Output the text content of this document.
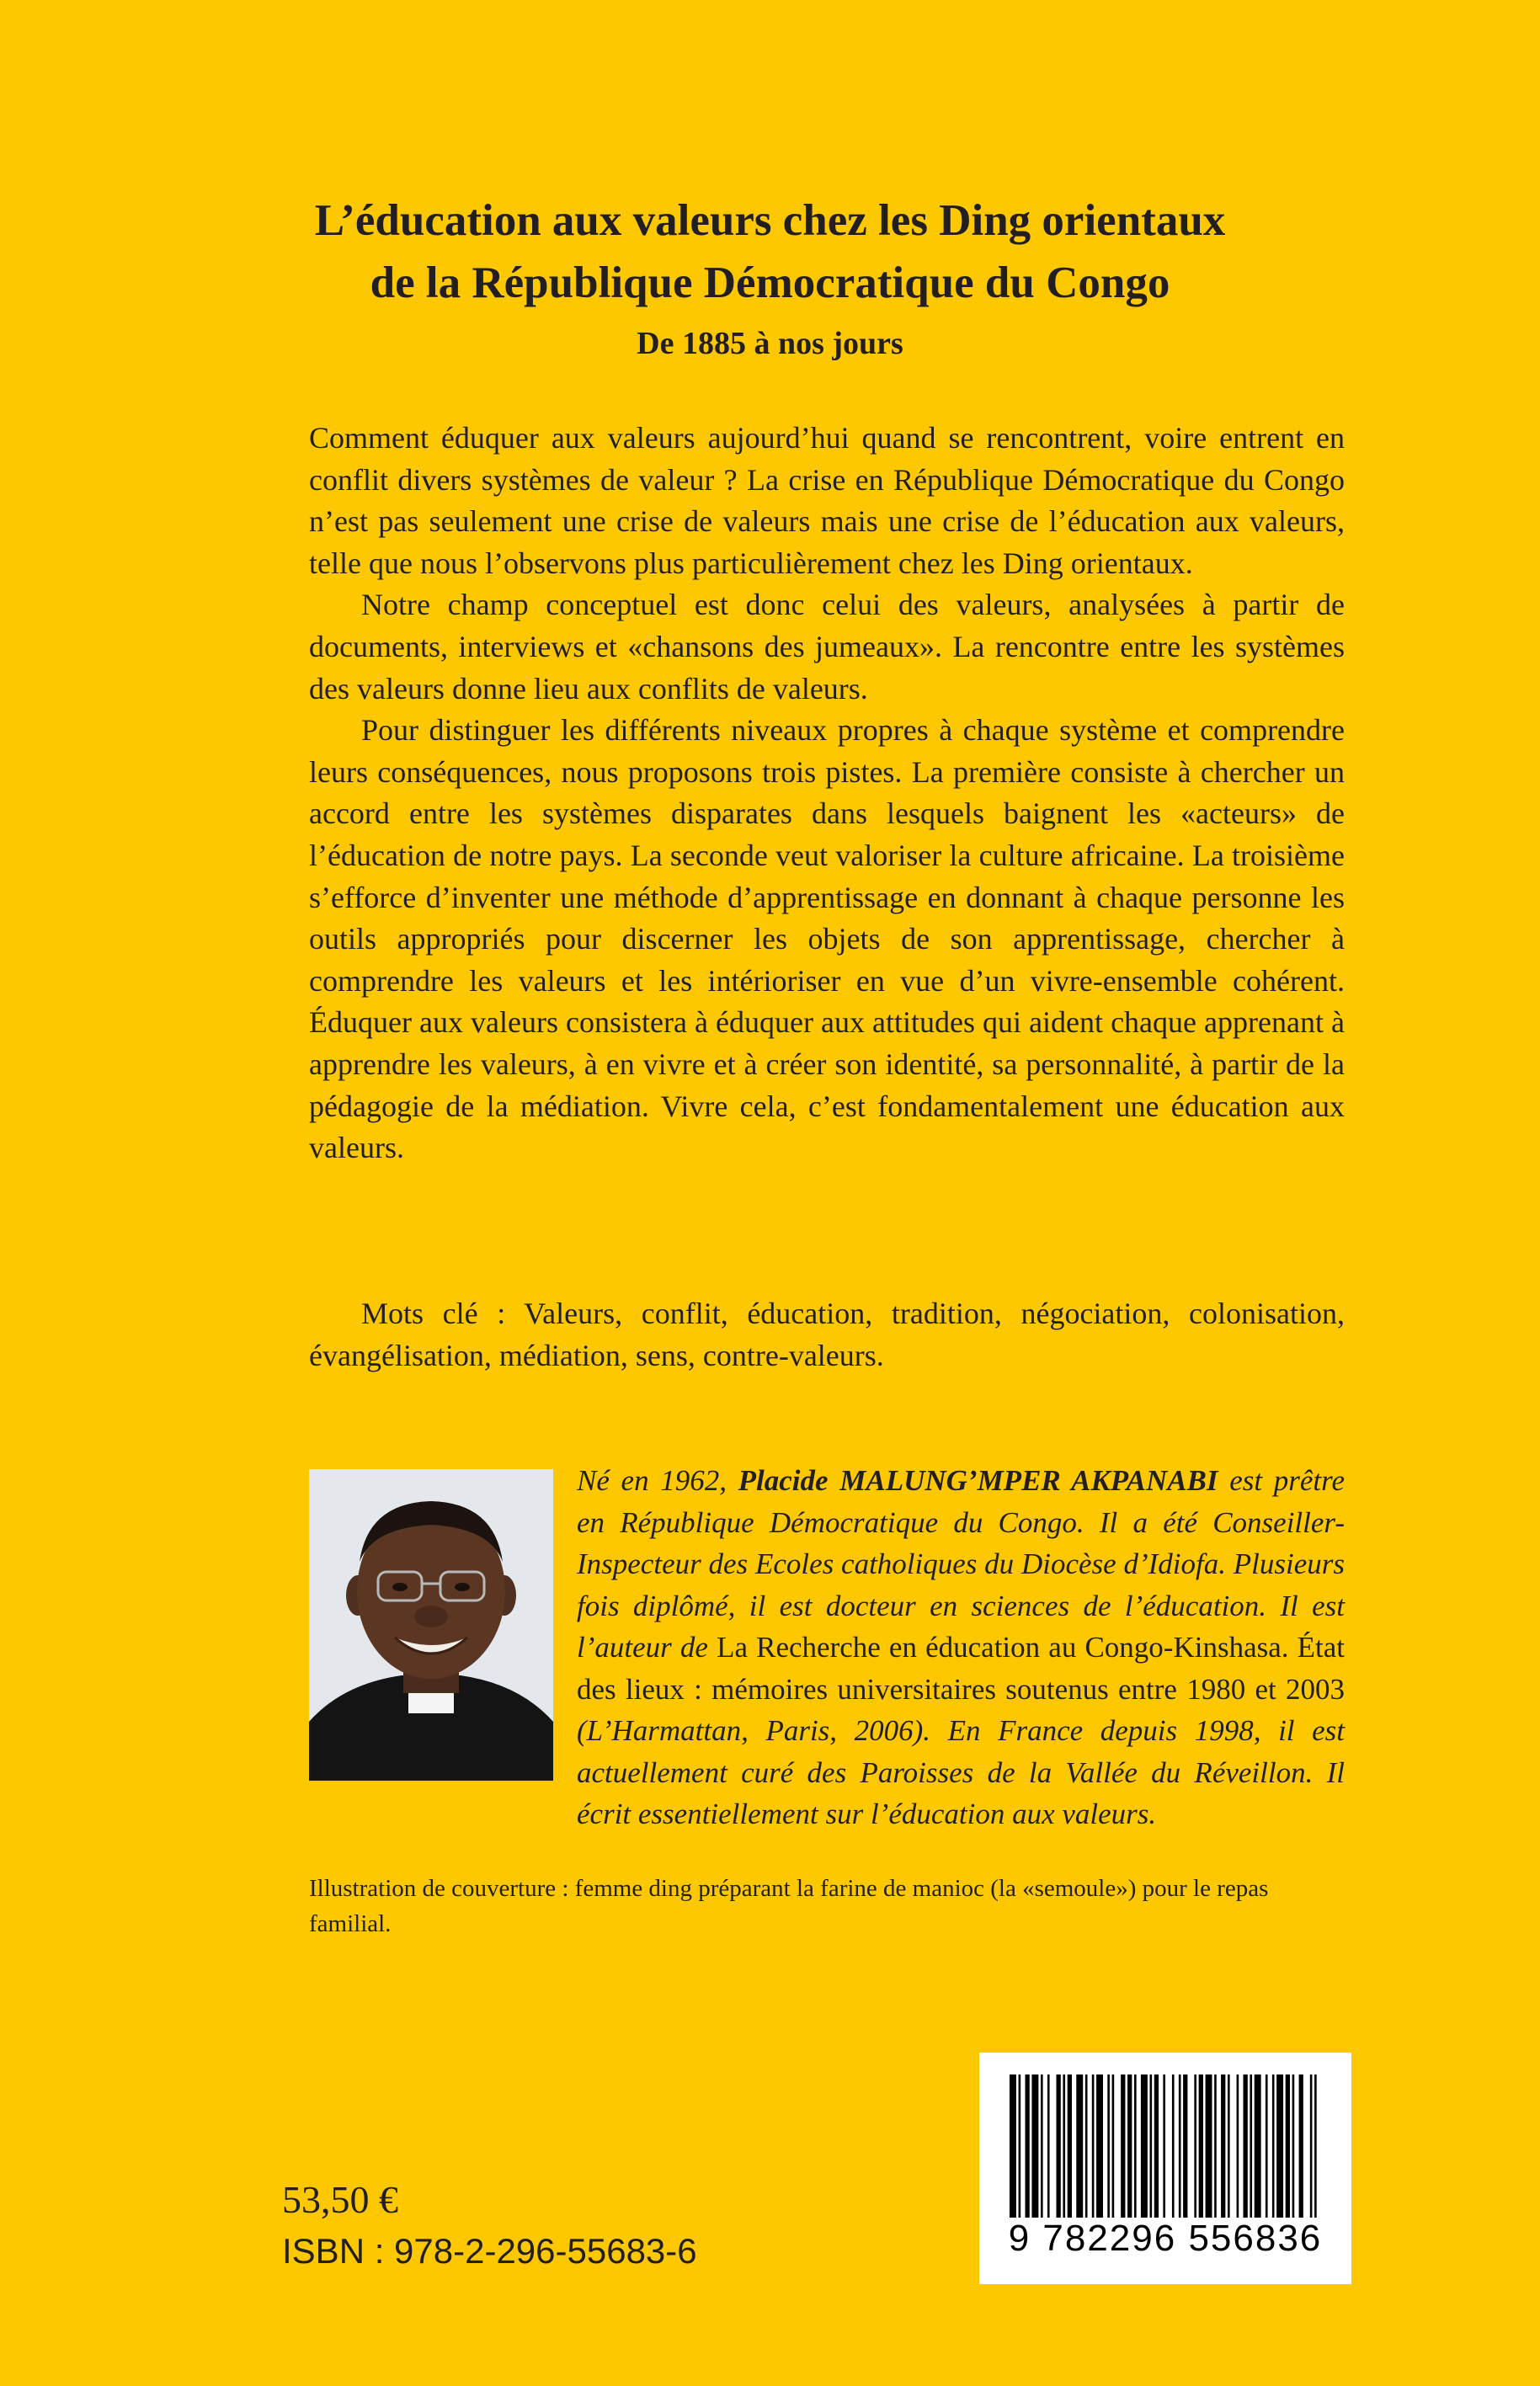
L’éducation aux valeurs chez les Ding orientaux
de la République Démocratique du Congo
De 1885 à nos jours

Comment éduquer aux valeurs aujourd’hui quand se rencontrent, voire entrent en conflit divers systèmes de valeur ? La crise en République Démocratique du Congo n’est pas seulement une crise de valeurs mais une crise de l’éducation aux valeurs, telle que nous l’observons plus particulièrement chez les Ding orientaux.

Notre champ conceptuel est donc celui des valeurs, analysées à partir de documents, interviews et «chansons des jumeaux». La rencontre entre les systèmes des valeurs donne lieu aux conflits de valeurs.

Pour distinguer les différents niveaux propres à chaque système et comprendre leurs conséquences, nous proposons trois pistes. La première consiste à chercher un accord entre les systèmes disparates dans lesquels baignent les «acteurs» de l’éducation de notre pays. La seconde veut valoriser la culture africaine. La troisième s’efforce d’inventer une méthode d’apprentissage en donnant à chaque personne les outils appropriés pour discerner les objets de son apprentissage, chercher à comprendre les valeurs et les intérioriser en vue d’un vivre-ensemble cohérent. Éduquer aux valeurs consistera à éduquer aux attitudes qui aident chaque apprenant à apprendre les valeurs, à en vivre et à créer son identité, sa personnalité, à partir de la pédagogie de la médiation. Vivre cela, c’est fondamentalement une éducation aux valeurs.

Mots clé : Valeurs, conflit, éducation, tradition, négociation, colonisation, évangélisation, médiation, sens, contre-valeurs.
Né en 1962, Placide MALUNG’MPER AKPANABI est prêtre en République Démocratique du Congo. Il a été Conseiller-Inspecteur des Ecoles catholiques du Diocèse d’Idiofa. Plusieurs fois diplômé, il est docteur en sciences de l’éducation. Il est l’auteur de La Recherche en éducation au Congo-Kinshasa. État des lieux : mémoires universitaires soutenus entre 1980 et 2003 (L’Harmattan, Paris, 2006). En France depuis 1998, il est actuellement curé des Paroisses de la Vallée du Réveillon. Il écrit essentiellement sur l’éducation aux valeurs.
Illustration de couverture : femme ding préparant la farine de manioc (la «semoule») pour le repas familial.
53,50 €
ISBN : 978-2-296-55683-6	9 782296 556836
